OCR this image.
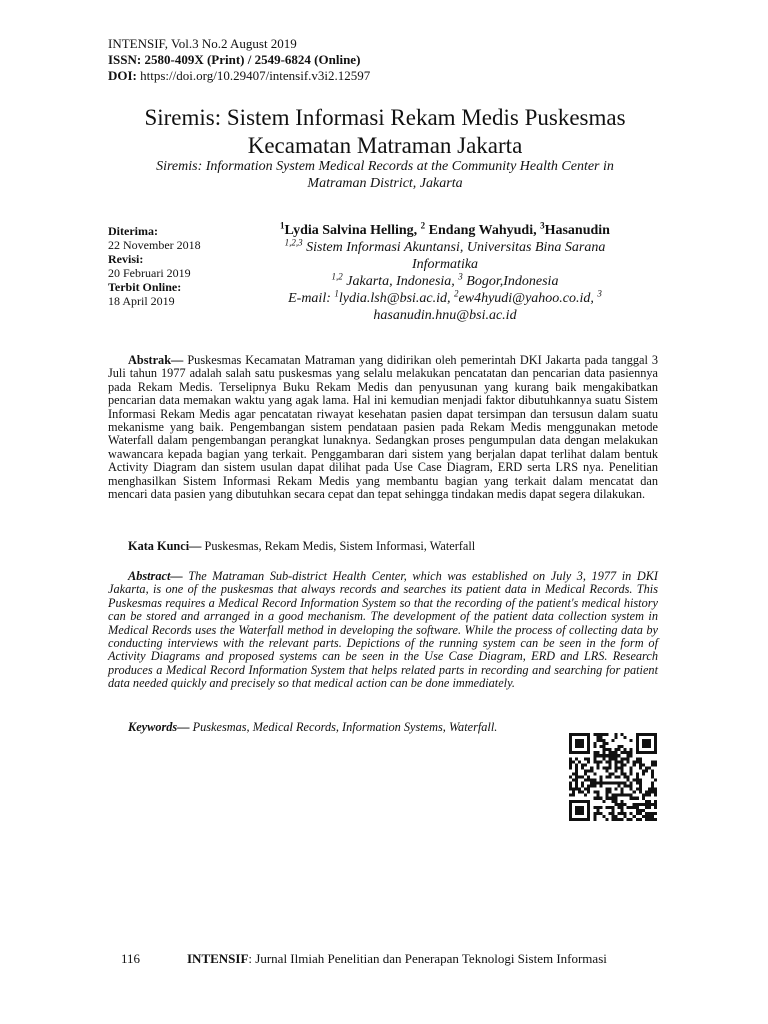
INTENSIF, Vol.3 No.2 August 2019
ISSN: 2580-409X (Print) / 2549-6824 (Online)
DOI: https://doi.org/10.29407/intensif.v3i2.12597
Siremis: Sistem Informasi Rekam Medis Puskesmas
Kecamatan Matraman Jakarta
Siremis: Information System Medical Records at the Community Health Center in
Matraman District, Jakarta
Diterima:
22 November 2018
Revisi:
20 Februari 2019
Terbit Online:
18 April 2019
$^1$Lydia Salvina Helling, $^2$ Endang Wahyudi, $^3$Hasanudin
$^{1,2,3}$ Sistem Informasi Akuntansi, Universitas Bina Sarana
Informatika
$^{1,2}$ Jakarta, Indonesia, $^3$ Bogor,Indonesia
E-mail: $^1$lydia.lsh@bsi.ac.id, $^2$ew4hyudi@yahoo.co.id, $^3$
hasanudin.hnu@bsi.ac.id
Abstrak— Puskesmas Kecamatan Matraman yang didirikan oleh pemerintah DKI Jakarta pada tanggal 3 Juli tahun 1977 adalah salah satu puskesmas yang selalu melakukan pencatatan dan pencarian data pasiennya pada Rekam Medis. Terselipnya Buku Rekam Medis dan penyusunan yang kurang baik mengakibatkan pencarian data memakan waktu yang agak lama. Hal ini kemudian menjadi faktor dibutuhkannya suatu Sistem Informasi Rekam Medis agar pencatatan riwayat kesehatan pasien dapat tersimpan dan tersusun dalam suatu mekanisme yang baik. Pengembangan sistem pendataan pasien pada Rekam Medis menggunakan metode Waterfall dalam pengembangan perangkat lunaknya. Sedangkan proses pengumpulan data dengan melakukan wawancara kepada bagian yang terkait. Penggambaran dari sistem yang berjalan dapat terlihat dalam bentuk Activity Diagram dan sistem usulan dapat dilihat pada Use Case Diagram, ERD serta LRS nya. Penelitian menghasilkan Sistem Informasi Rekam Medis yang membantu bagian yang terkait dalam mencatat dan mencari data pasien yang dibutuhkan secara cepat dan tepat sehingga tindakan medis dapat segera dilakukan.
Kata Kunci— Puskesmas, Rekam Medis, Sistem Informasi, Waterfall
Abstract— The Matraman Sub-district Health Center, which was established on July 3, 1977 in DKI Jakarta, is one of the puskesmas that always records and searches its patient data in Medical Records. This Puskesmas requires a Medical Record Information System so that the recording of the patient's medical history can be stored and arranged in a good mechanism. The development of the patient data collection system in Medical Records uses the Waterfall method in developing the software. While the process of collecting data by conducting interviews with the relevant parts. Depictions of the running system can be seen in the form of Activity Diagrams and proposed systems can be seen in the Use Case Diagram, ERD and LRS. Research produces a Medical Record Information System that helps related parts in recording and searching for patient data needed quickly and precisely so that medical action can be done immediately.
Keywords— Puskesmas, Medical Records, Information Systems, Waterfall.
116	INTENSIF: Jurnal Ilmiah Penelitian dan Penerapan Teknologi Sistem Informasi
